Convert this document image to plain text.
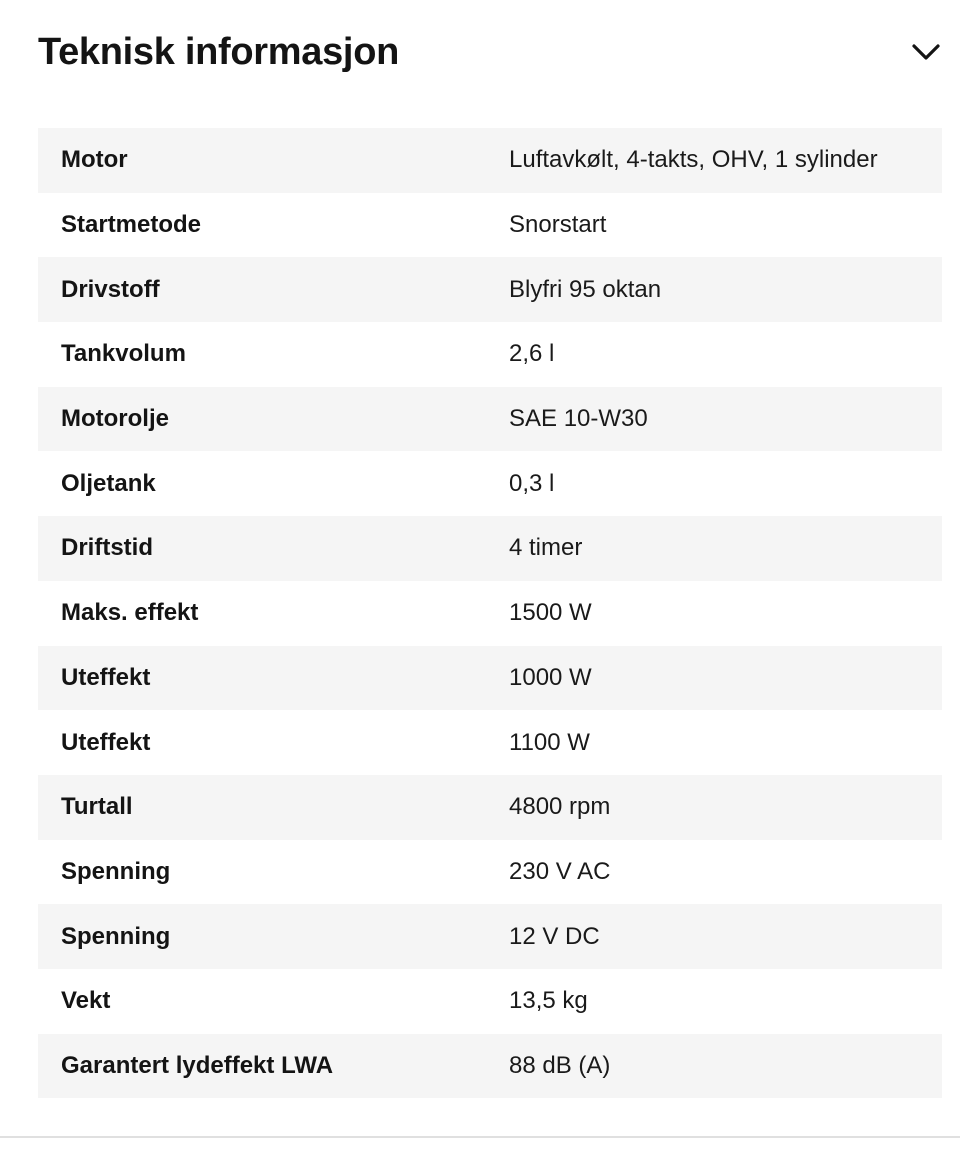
Teknisk informasjon
Motor	Luftavkølt, 4-takts, OHV, 1 sylinder
Startmetode	Snorstart
Drivstoff	Blyfri 95 oktan
Tankvolum	2,6 l
Motorolje	SAE 10-W30
Oljetank	0,3 l
Driftstid	4 timer
Maks. effekt	1500 W
Uteffekt	1000 W
Uteffekt	1100 W
Turtall	4800 rpm
Spenning	230 V AC
Spenning	12 V DC
Vekt	13,5 kg
Garantert lydeffekt LWA	88 dB (A)
